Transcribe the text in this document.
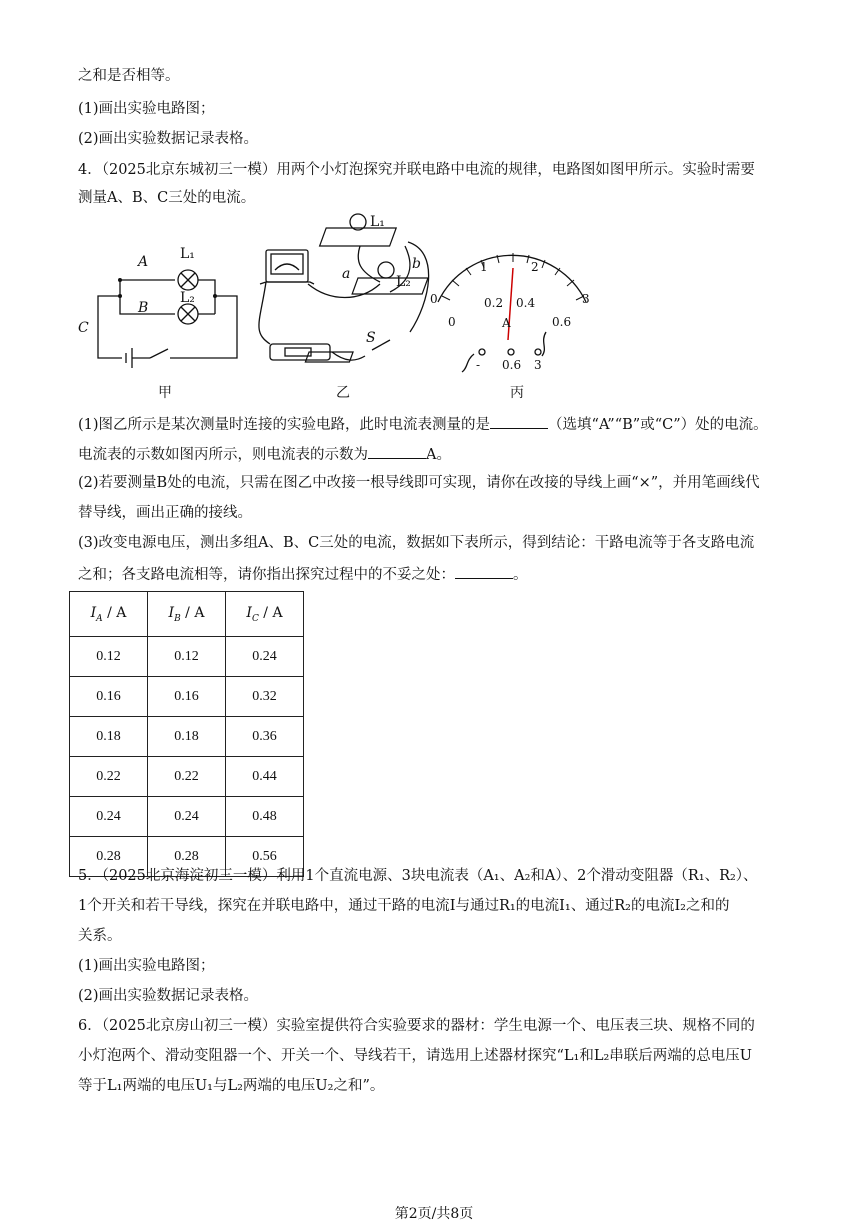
之和是否相等。
(1)画出实验电路图；
(2)画出实验数据记录表格。
4．（2025北京东城初三一模）用两个小灯泡探究并联电路中电流的规律，电路图如图甲所示。实验时需要
测量A、B、C三处的电流。
A
B
C
L₁
L₂
甲
a
b
S
L₁
L₂
乙
0
1	2
3
0
0.2 0.4
0.6
A
- 0.6 3
丙
(1)图乙所示是某次测量时连接的实验电路，此时电流表测量的是	（选填“A”“B”或“C”）处的电流。
电流表的示数如图丙所示，则电流表的示数为	A。
(2)若要测量B处的电流，只需在图乙中改接一根导线即可实现，请你在改接的导线上画“×”，并用笔画线代
替导线，画出正确的接线。
(3)改变电源电压，测出多组A、B、C三处的电流，数据如下表所示，得到结论：干路电流等于各支路电流
之和；各支路电流相等，请你指出探究过程中的不妥之处：	。
$I_A$ / A	$I_B$ / A	$I_C$ / A
0.12	0.12	0.24
0.16	0.16	0.32
0.18	0.18	0.36
0.22	0.22	0.44
0.24	0.24	0.48
0.28	0.28	0.56
5．（2025北京海淀初三一模）利用1个直流电源、3块电流表（A₁、A₂和A）、2个滑动变阻器（R₁、R₂）、
1个开关和若干导线，探究在并联电路中，通过干路的电流I与通过R₁的电流I₁、通过R₂的电流I₂之和的
关系。
(1)画出实验电路图；
(2)画出实验数据记录表格。
6．（2025北京房山初三一模）实验室提供符合实验要求的器材：学生电源一个、电压表三块、规格不同的
小灯泡两个、滑动变阻器一个、开关一个、导线若干，请选用上述器材探究“L₁和L₂串联后两端的总电压U
等于L₁两端的电压U₁与L₂两端的电压U₂之和”。
第2页/共8页
